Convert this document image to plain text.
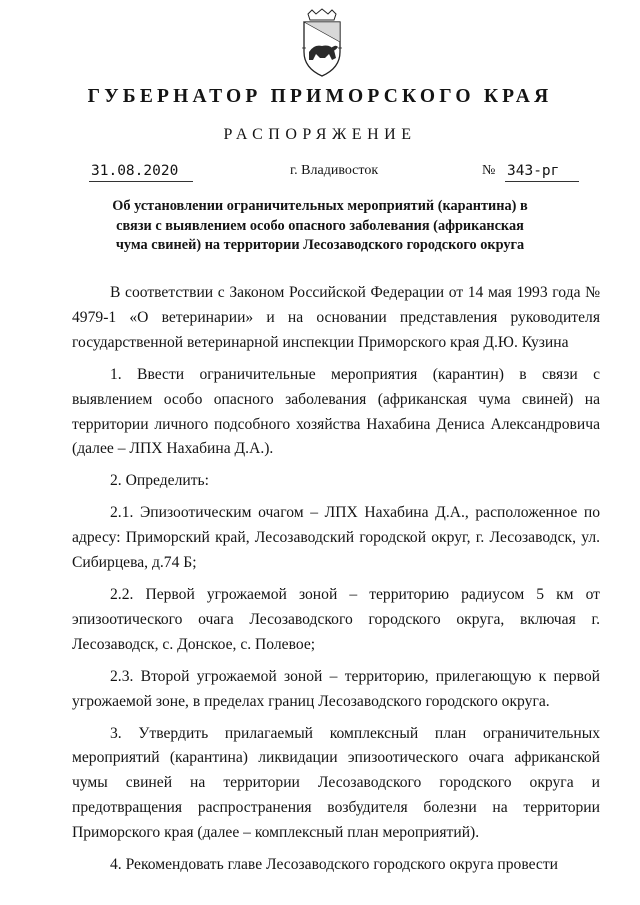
ГУБЕРНАТОР ПРИМОРСКОГО КРАЯ
РАСПОРЯЖЕНИЕ
31.08.2020	г. Владивосток	№ 343-рг
Об установлении ограничительных мероприятий (карантина) в связи с выявлением особо опасного заболевания (африканская чума свиней) на территории Лесозаводского городского округа

В соответствии с Законом Российской Федерации от 14 мая 1993 года № 4979-1 «О ветеринарии» и на основании представления руководителя государственной ветеринарной инспекции Приморского края Д.Ю. Кузина

1. Ввести ограничительные мероприятия (карантин) в связи с выявлением особо опасного заболевания (африканская чума свиней) на территории личного подсобного хозяйства Нахабина Дениса Александровича (далее – ЛПХ Нахабина Д.А.).

2. Определить:

2.1. Эпизоотическим очагом – ЛПХ Нахабина Д.А., расположенное по адресу: Приморский край, Лесозаводский городской округ, г. Лесозаводск, ул. Сибирцева, д.74 Б;

2.2. Первой угрожаемой зоной – территорию радиусом 5 км от эпизоотического очага Лесозаводского городского округа, включая г. Лесозаводск, с. Донское, с. Полевое;

2.3. Второй угрожаемой зоной – территорию, прилегающую к первой угрожаемой зоне, в пределах границ Лесозаводского городского округа.

3. Утвердить прилагаемый комплексный план ограничительных мероприятий (карантина) ликвидации эпизоотического очага африканской чумы свиней на территории Лесозаводского городского округа и предотвращения распространения возбудителя болезни на территории Приморского края (далее – комплексный план мероприятий).

4. Рекомендовать главе Лесозаводского городского округа провести
